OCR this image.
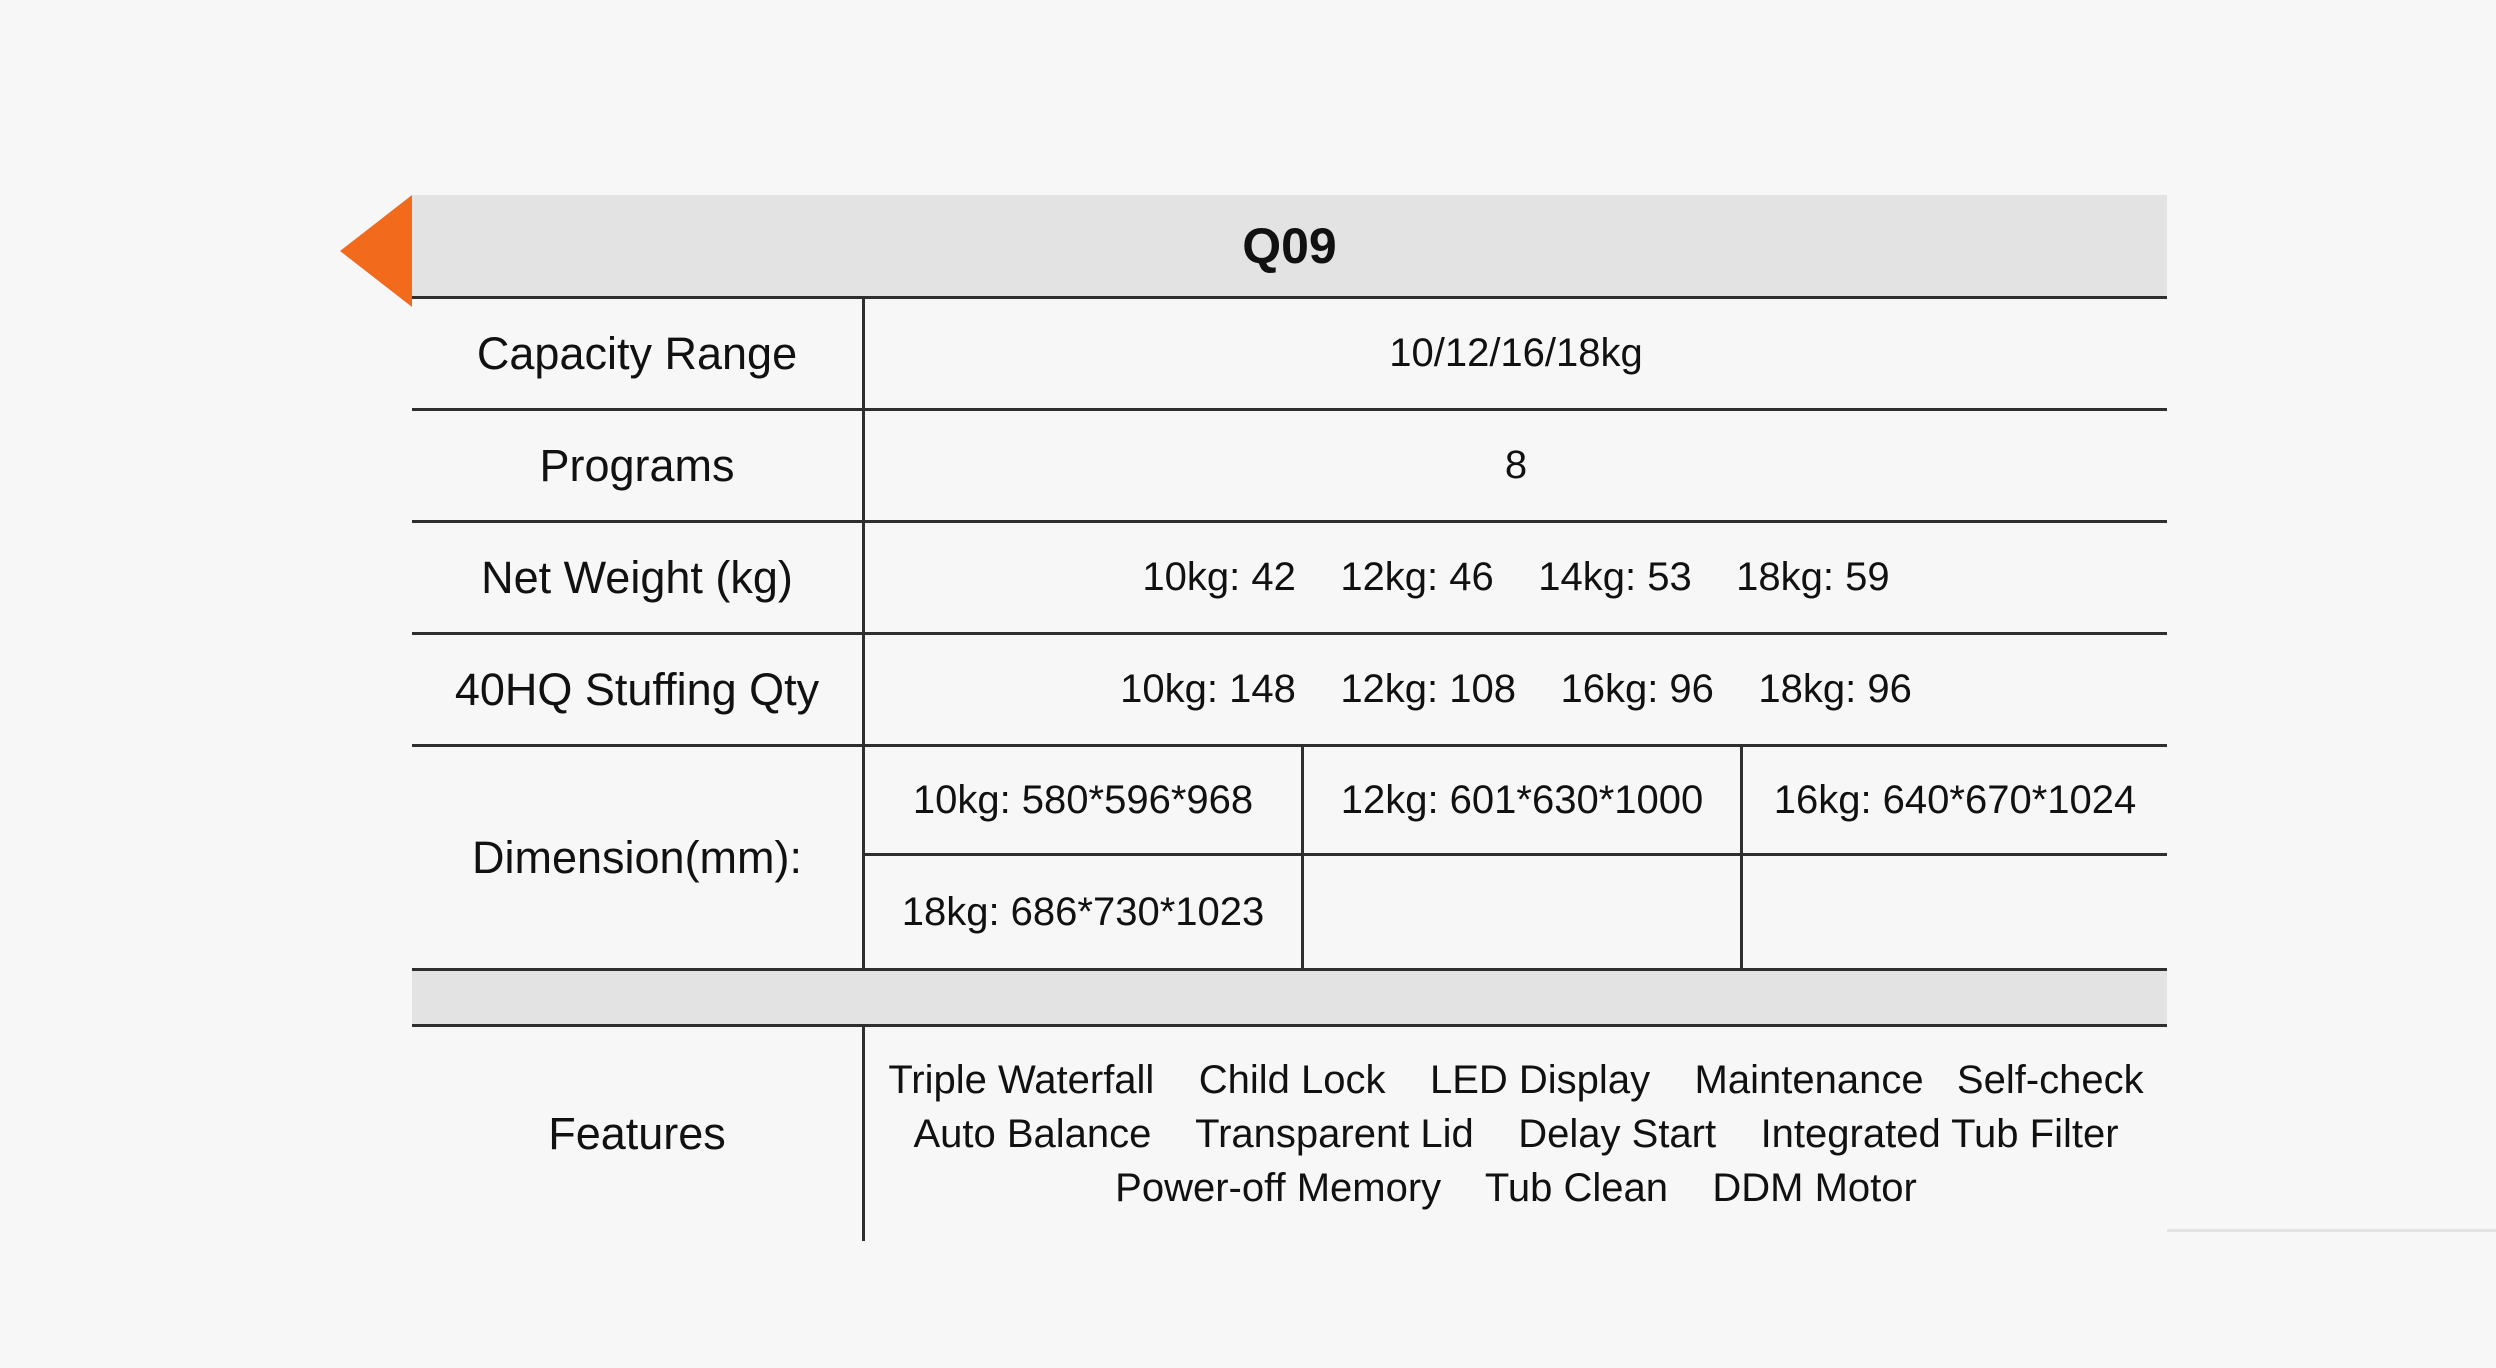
Q09
Capacity Range	10/12/16/18kg
Programs	8
Net Weight (kg)	10kg: 42    12kg: 46    14kg: 53    18kg: 59
40HQ Stuffing Qty	10kg: 148    12kg: 108    16kg: 96    18kg: 96
Dimension(mm):
10kg: 580*596*968	12kg: 601*630*1000	16kg: 640*670*1024
18kg: 686*730*1023
Features
Triple Waterfall    Child Lock    LED Display    Maintenance   Self-check
Auto Balance    Transparent Lid    Delay Start    Integrated Tub Filter
Power-off Memory    Tub Clean    DDM Motor
